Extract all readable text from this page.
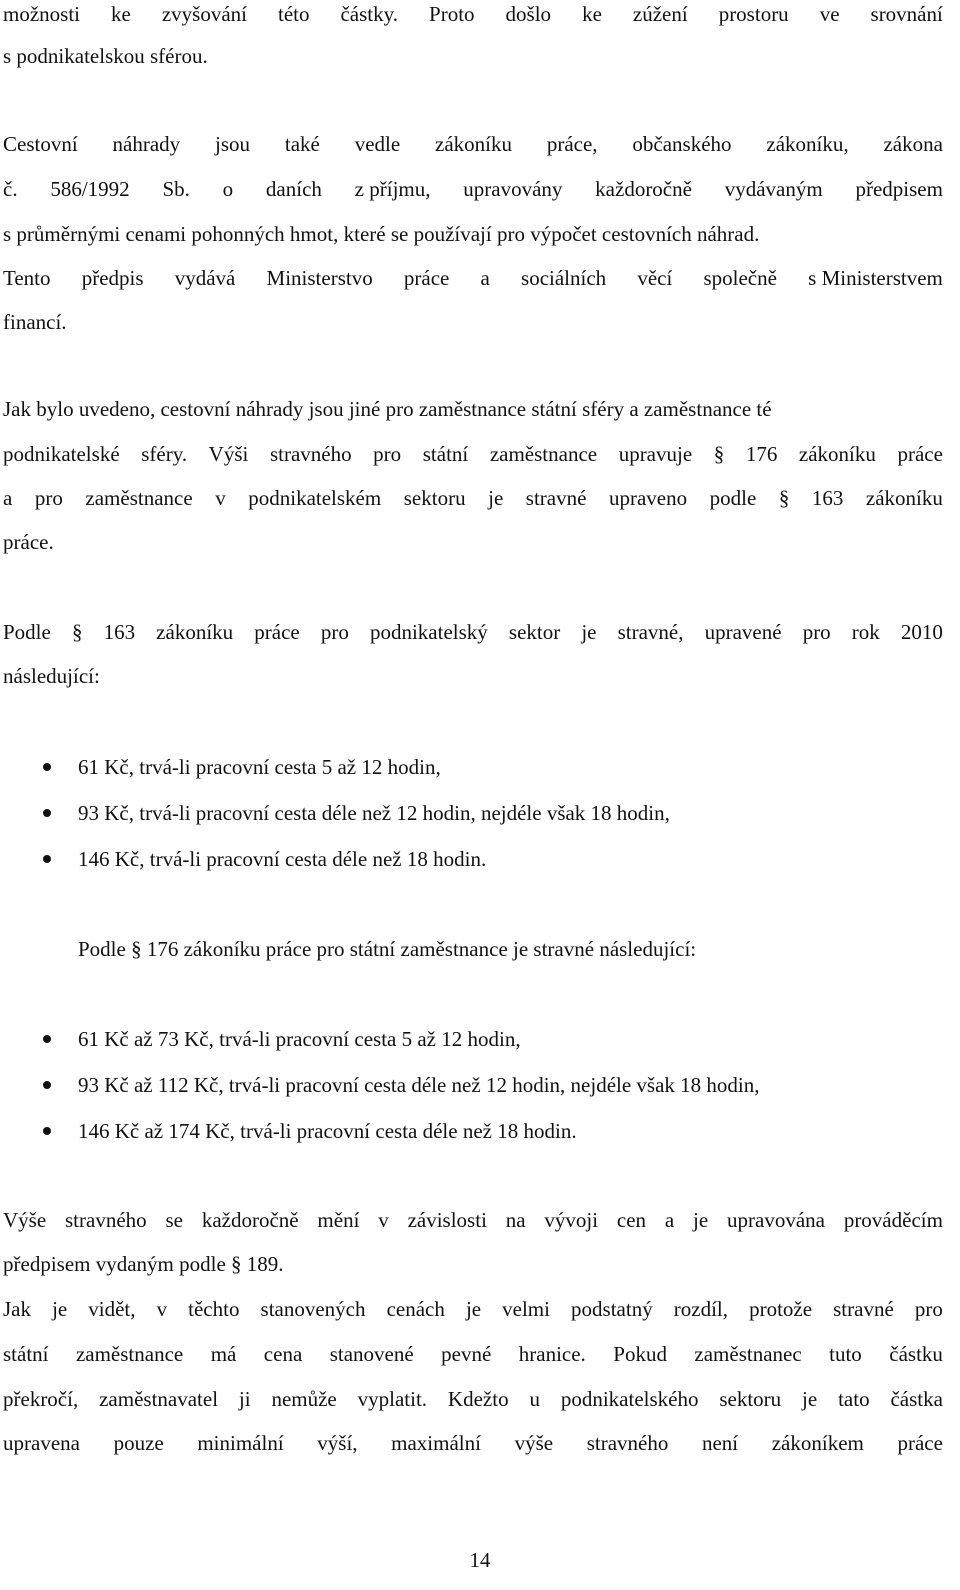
možnosti ke zvyšování této částky. Proto došlo ke zúžení prostoru ve srovnání
s podnikatelskou sférou.
Cestovní náhrady jsou také vedle zákoníku práce, občanského zákoníku, zákona
č. 586/1992 Sb. o daních z příjmu, upravovány každoročně vydávaným předpisem
s průměrnými cenami pohonných hmot, které se používají pro výpočet cestovních náhrad.
Tento předpis vydává Ministerstvo práce a sociálních věcí společně s Ministerstvem
financí.
Jak bylo uvedeno, cestovní náhrady jsou jiné pro zaměstnance státní sféry a zaměstnance té
podnikatelské sféry. Výši stravného pro státní zaměstnance upravuje § 176 zákoníku práce
a pro zaměstnance v podnikatelském sektoru je stravné upraveno podle § 163 zákoníku
práce.
Podle § 163 zákoníku práce pro podnikatelský sektor je stravné, upravené pro rok 2010
následující:
61 Kč, trvá-li pracovní cesta 5 až 12 hodin,
93 Kč, trvá-li pracovní cesta déle než 12 hodin, nejdéle však 18 hodin,
146 Kč, trvá-li pracovní cesta déle než 18 hodin.
Podle § 176 zákoníku práce pro státní zaměstnance je stravné následující:
61 Kč až 73 Kč, trvá-li pracovní cesta 5 až 12 hodin,
93 Kč až 112 Kč, trvá-li pracovní cesta déle než 12 hodin, nejdéle však 18 hodin,
146 Kč až 174 Kč, trvá-li pracovní cesta déle než 18 hodin.
Výše stravného se každoročně mění v závislosti na vývoji cen a je upravována prováděcím
předpisem vydaným podle § 189.
Jak je vidět, v těchto stanovených cenách je velmi podstatný rozdíl, protože stravné pro
státní zaměstnance má cena stanovené pevné hranice. Pokud zaměstnanec tuto částku
překročí, zaměstnavatel ji nemůže vyplatit. Kdežto u podnikatelského sektoru je tato částka
upravena pouze minimální výší, maximální výše stravného není zákoníkem práce
14
